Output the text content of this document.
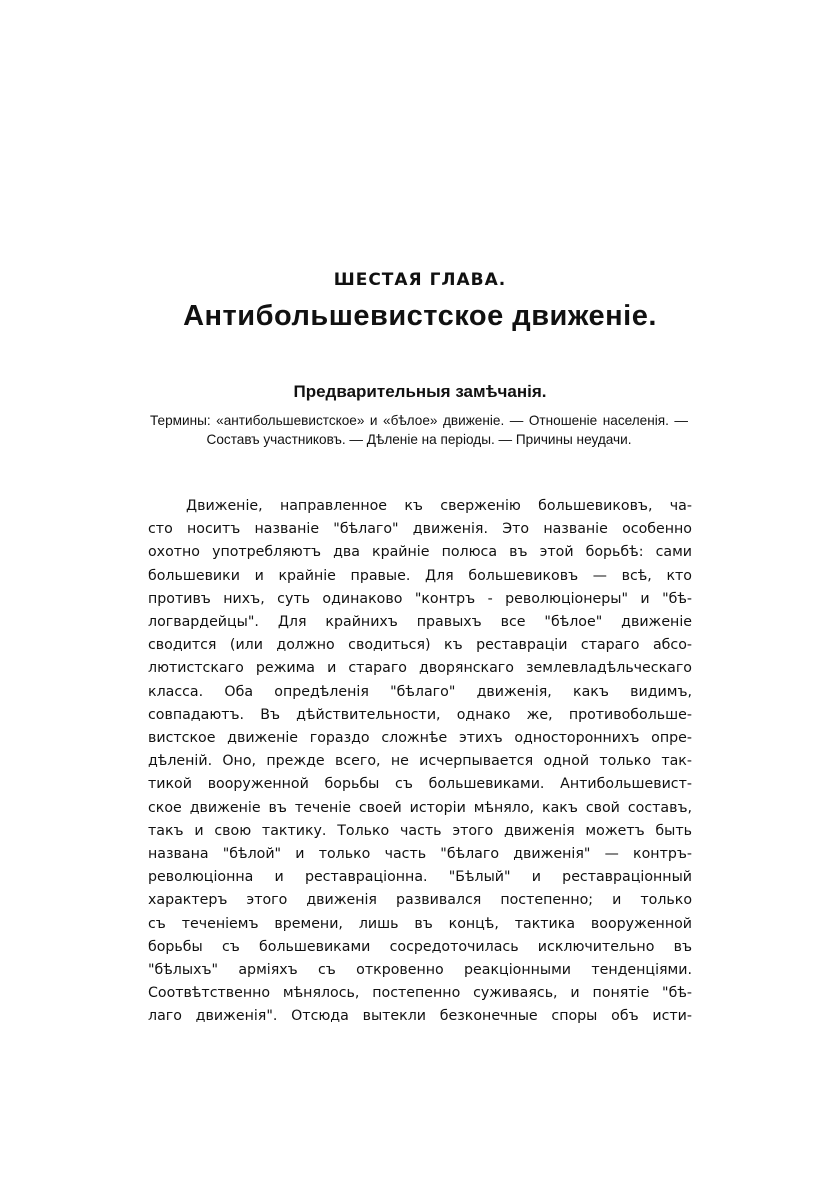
ШЕСТАЯ ГЛАВА.
Антибольшевистское движеніе.
Предварительныя замѣчанія.
Термины: «антибольшевистское» и «бѣлое» движеніе. — Отношеніе населенія. — Составъ участниковъ. — Дѣленіе на періоды. — Причины неудачи.
Движеніе, направленное къ сверженію большевиковъ, ча-
сто носитъ названіе "бѣлаго" движенія. Это названіе особенно
охотно употребляютъ два крайніе полюса въ этой борьбѣ: сами
большевики и крайніе правые. Для большевиковъ — всѣ, кто
противъ нихъ, суть одинаково "контръ - революціонеры" и "бѣ-
логвардейцы". Для крайнихъ правыхъ все "бѣлое" движеніе
сводится (или должно сводиться) къ реставраціи стараго абсо-
лютистскаго режима и стараго дворянскаго землевладѣльческаго
класса. Оба опредѣленія "бѣлаго" движенія, какъ видимъ,
совпадаютъ. Въ дѣйствительности, однако же, противобольше-
вистское движеніе гораздо сложнѣе этихъ одностороннихъ опре-
дѣленій. Оно, прежде всего, не исчерпывается одной только так-
тикой вооруженной борьбы съ большевиками. Антибольшевист-
ское движеніе въ теченіе своей исторіи мѣняло, какъ свой составъ,
такъ и свою тактику. Только часть этого движенія можетъ быть
названа "бѣлой" и только часть "бѣлаго движенія" — контръ-
революціонна и реставраціонна. "Бѣлый" и реставраціонный
характеръ этого движенія развивался постепенно; и только
съ теченіемъ времени, лишь въ концѣ, тактика вооруженной
борьбы съ большевиками сосредоточилась исключительно въ
"бѣлыхъ" арміяхъ съ откровенно реакціонными тенденціями.
Соотвѣтственно мѣнялось, постепенно суживаясь, и понятіе "бѣ-
лаго движенія". Отсюда вытекли безконечные споры объ исти-
